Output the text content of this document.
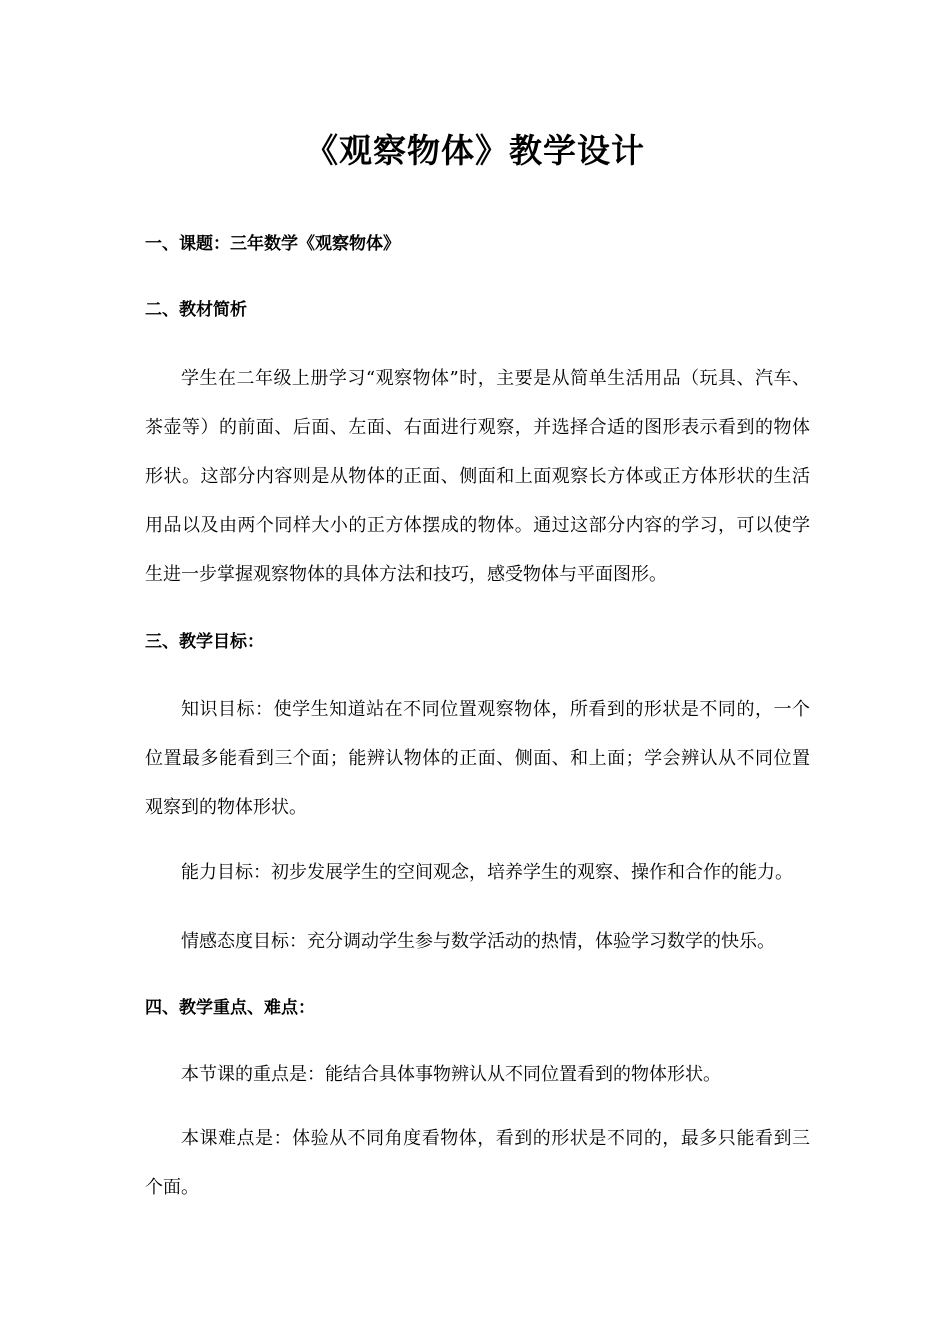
《观察物体》教学设计
一、课题：三年数学《观察物体》
二、教材简析

学生在二年级上册学习“观察物体”时，主要是从简单生活用品（玩具、汽车、茶壶等）的前面、后面、左面、右面进行观察，并选择合适的图形表示看到的物体形状。这部分内容则是从物体的正面、侧面和上面观察长方体或正方体形状的生活用品以及由两个同样大小的正方体摆成的物体。通过这部分内容的学习，可以使学生进一步掌握观察物体的具体方法和技巧，感受物体与平面图形。

三、教学目标：

知识目标：使学生知道站在不同位置观察物体，所看到的形状是不同的，一个位置最多能看到三个面；能辨认物体的正面、侧面、和上面；学会辨认从不同位置观察到的物体形状。

能力目标：初步发展学生的空间观念，培养学生的观察、操作和合作的能力。

情感态度目标：充分调动学生参与数学活动的热情，体验学习数学的快乐。

四、教学重点、难点：

本节课的重点是：能结合具体事物辨认从不同位置看到的物体形状。

本课难点是：体验从不同角度看物体，看到的形状是不同的，最多只能看到三个面。
